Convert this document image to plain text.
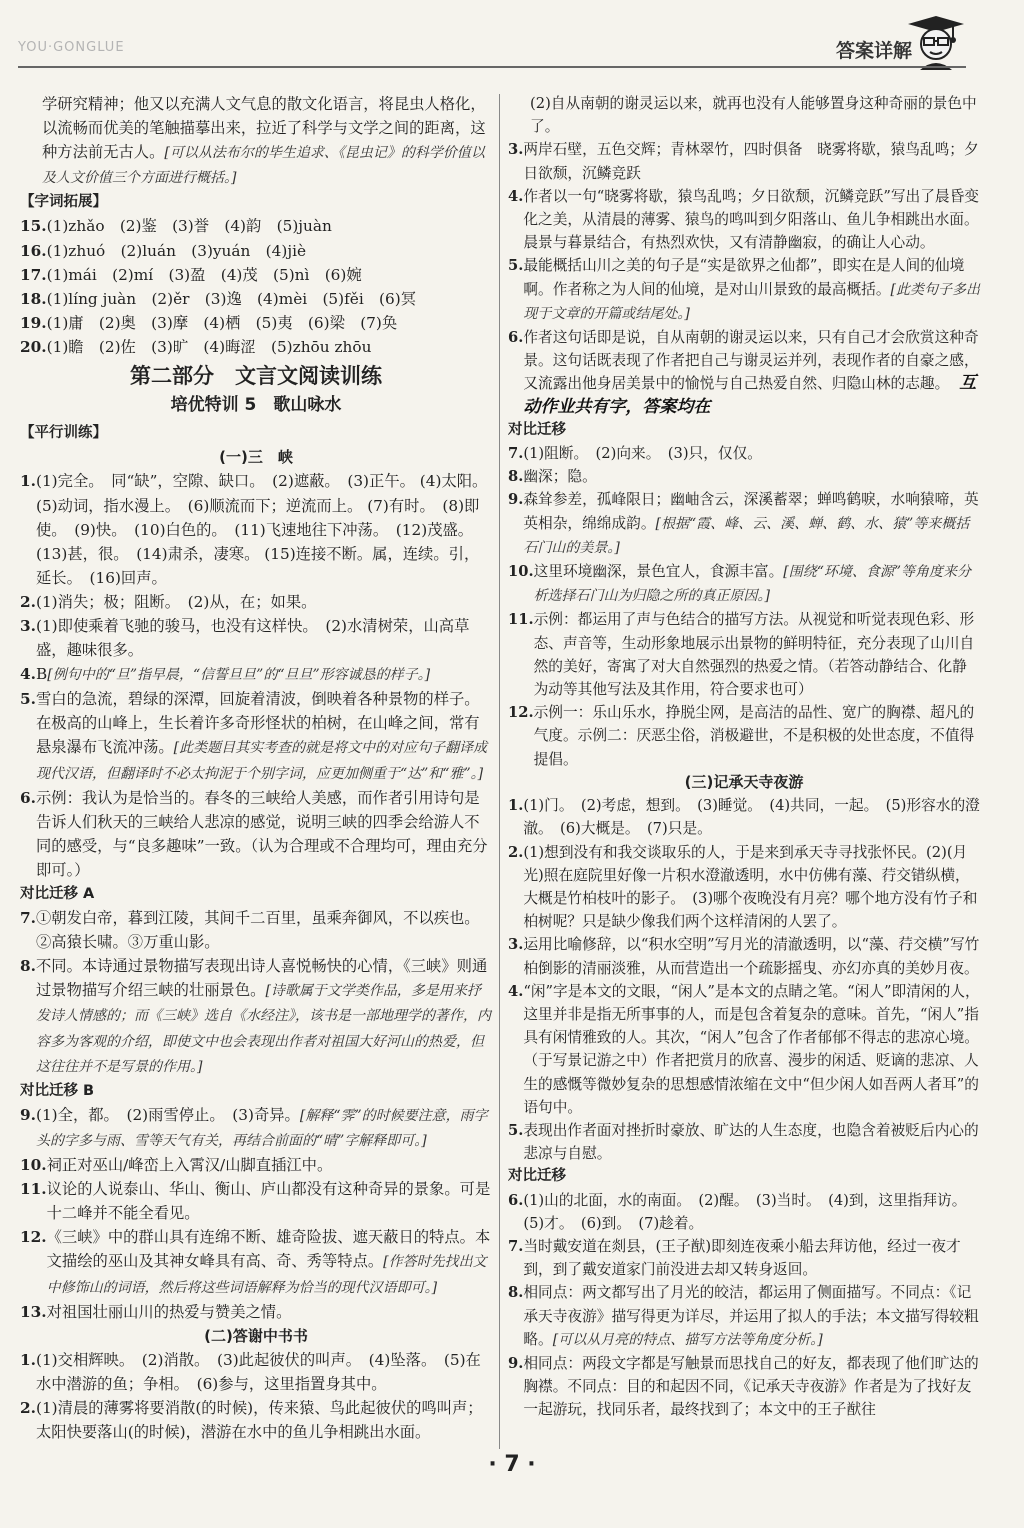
YOU·GONGLUE	答案详解

学研究精神；他又以充满人文气息的散文化语言，将昆虫人格化，以流畅而优美的笔触描摹出来，拉近了科学与文学之间的距离，这种方法前无古人。[可以从法布尔的毕生追求、《昆虫记》的科学价值以及人文价值三个方面进行概括。]

【字词拓展】
15. (1)zhǎo　(2)鉴　(3)誉　(4)韵　(5)juàn
16. (1)zhuó　(2)luán　(3)yuán　(4)jiè
17. (1)mái　(2)mí　(3)盈　(4)茂　(5)nì　(6)婉
18. (1)líng juàn　(2)ěr　(3)逸　(4)mèi　(5)fěi　(6)冥
19. (1)庸　(2)奥　(3)摩　(4)栖　(5)夷　(6)梁　(7)奂
20. (1)瞻　(2)佐　(3)旷　(4)晦涩　(5)zhōu zhōu
第二部分　文言文阅读训练
培优特训 5　歌山咏水
【平行训练】
(一)三　峡
1. (1)完全。　同“缺”，空隙、缺口。　(2)遮蔽。　(3)正午。 (4)太阳。　(5)动词，指水漫上。　(6)顺流而下；逆流而上。 (7)有时。　(8)即使。　(9)快。　(10)白色的。　(11)飞速地往下冲荡。　(12)茂盛。　(13)甚，很。　(14)肃杀，凄寒。 (15)连接不断。属，连续。引，延长。　(16)回声。
2. (1)消失；极；阻断。　(2)从，在；如果。
3. (1)即使乘着飞驰的骏马，也没有这样快。　(2)水清树荣，山高草盛，趣味很多。
4. B[例句中的“旦”指早晨，“信誓旦旦”的“旦旦”形容诚恳的样子。]
5. 雪白的急流，碧绿的深潭，回旋着清波，倒映着各种景物的样子。在极高的山峰上，生长着许多奇形怪状的柏树，在山峰之间，常有悬泉瀑布飞流冲荡。[此类题目其实考查的就是将文中的对应句子翻译成现代汉语，但翻译时不必太拘泥于个别字词，应更加侧重于“达”和“雅”。]
6. 示例：我认为是恰当的。春冬的三峡给人美感，而作者引用诗句是告诉人们秋天的三峡给人悲凉的感觉，说明三峡的四季会给游人不同的感受，与“良多趣味”一致。（认为合理或不合理均可，理由充分即可。）
对比迁移 A
7. ①朝发白帝，暮到江陵，其间千二百里，虽乘奔御风，不以疾也。②高猿长啸。③万重山影。
8. 不同。本诗通过景物描写表现出诗人喜悦畅快的心情，《三峡》则通过景物描写介绍三峡的壮丽景色。[诗歌属于文学类作品，多是用来抒发诗人情感的；而《三峡》选自《水经注》，该书是一部地理学的著作，内容多为客观的介绍，即使文中也会表现出作者对祖国大好河山的热爱，但这往往并不是写景的作用。]
对比迁移 B
9. (1)全，都。　(2)雨雪停止。　(3)奇异。[解释“霁”的时候要注意，雨字头的字多与雨、雪等天气有关，再结合前面的“晴”字解释即可。]
10. 祠正对巫山/峰峦上入霄汉/山脚直插江中。
11. 议论的人说泰山、华山、衡山、庐山都没有这种奇异的景象。可是十二峰并不能全看见。
12. 《三峡》中的群山具有连绵不断、雄奇险拔、遮天蔽日的特点。本文描绘的巫山及其神女峰具有高、奇、秀等特点。[作答时先找出文中修饰山的词语，然后将这些词语解释为恰当的现代汉语即可。]
13. 对祖国壮丽山川的热爱与赞美之情。
(二)答谢中书书
1. (1)交相辉映。　(2)消散。　(3)此起彼伏的叫声。　(4)坠落。　(5)在水中潜游的鱼；争相。　(6)参与，这里指置身其中。
2. (1)清晨的薄雾将要消散(的时候)，传来猿、鸟此起彼伏的鸣叫声；太阳快要落山(的时候)，潜游在水中的鱼儿争相跳出水面。

(2)自从南朝的谢灵运以来，就再也没有人能够置身这种奇丽的景色中了。

3. 两岸石壁，五色交辉；青林翠竹，四时俱备　晓雾将歇，猿鸟乱鸣；夕日欲颓，沉鳞竞跃
4. 作者以一句“晓雾将歇，猿鸟乱鸣；夕日欲颓，沉鳞竞跃”写出了晨昏变化之美，从清晨的薄雾、猿鸟的鸣叫到夕阳落山、鱼儿争相跳出水面。晨景与暮景结合，有热烈欢快，又有清静幽寂，的确让人心动。
5. 最能概括山川之美的句子是“实是欲界之仙都”，即实在是人间的仙境啊。作者称之为人间的仙境，是对山川景致的最高概括。[此类句子多出现于文章的开篇或结尾处。]
6. 作者这句话即是说，自从南朝的谢灵运以来，只有自己才会欣赏这种奇景。这句话既表现了作者把自己与谢灵运并列，表现作者的自豪之感，又流露出他身居美景中的愉悦与自己热爱自然、归隐山林的志趣。 互动作业共有字，答案均在
对比迁移
7. (1)阻断。　(2)向来。　(3)只，仅仅。
8. 幽深；隐。
9. 森耸参差，孤峰限日；幽岫含云，深溪蓄翠；蝉鸣鹤唳，水响猿啼，英英相杂，绵绵成韵。[根据“霞、峰、云、溪、蝉、鹤、水、猿”等来概括石门山的美景。]
10. 这里环境幽深，景色宜人，食源丰富。[围绕“环境、食源”等角度来分析选择石门山为归隐之所的真正原因。]
11. 示例：都运用了声与色结合的描写方法。从视觉和听觉表现色彩、形态、声音等，生动形象地展示出景物的鲜明特征，充分表现了山川自然的美好，寄寓了对大自然强烈的热爱之情。（若答动静结合、化静为动等其他写法及其作用，符合要求也可）
12. 示例一：乐山乐水，挣脱尘网，是高洁的品性、宽广的胸襟、超凡的气度。示例二：厌恶尘俗，消极避世，不是积极的处世态度，不值得提倡。
(三)记承天寺夜游
1. (1)门。　(2)考虑，想到。　(3)睡觉。　(4)共同，一起。　(5)形容水的澄澈。　(6)大概是。　(7)只是。
2. (1)想到没有和我交谈取乐的人，于是来到承天寺寻找张怀民。(2)(月光)照在庭院里好像一片积水澄澈透明，水中仿佛有藻、荇交错纵横，大概是竹柏枝叶的影子。　(3)哪个夜晚没有月亮？哪个地方没有竹子和柏树呢？只是缺少像我们两个这样清闲的人罢了。
3. 运用比喻修辞，以“积水空明”写月光的清澈透明，以“藻、荇交横”写竹柏倒影的清丽淡雅，从而营造出一个疏影摇曳、亦幻亦真的美妙月夜。
4. “闲”字是本文的文眼，“闲人”是本文的点睛之笔。“闲人”即清闲的人，这里并非是指无所事事的人，而是包含着复杂的意味。首先，“闲人”指具有闲情雅致的人。其次，“闲人”包含了作者郁郁不得志的悲凉心境。（于写景记游之中）作者把赏月的欣喜、漫步的闲适、贬谪的悲凉、人生的感慨等微妙复杂的思想感情浓缩在文中“但少闲人如吾两人者耳”的语句中。
5. 表现出作者面对挫折时豪放、旷达的人生态度，也隐含着被贬后内心的悲凉与自慰。
对比迁移
6. (1)山的北面，水的南面。　(2)醒。　(3)当时。　(4)到，这里指拜访。　(5)才。　(6)到。　(7)趁着。
7. 当时戴安道在剡县，(王子猷)即刻连夜乘小船去拜访他，经过一夜才到，到了戴安道家门前没进去却又转身返回。
8. 相同点：两文都写出了月光的皎洁，都运用了侧面描写。不同点：《记承天寺夜游》描写得更为详尽，并运用了拟人的手法；本文描写得较粗略。[可以从月亮的特点、描写方法等角度分析。]
9. 相同点：两段文字都是写触景而思找自己的好友，都表现了他们旷达的胸襟。不同点：目的和起因不同，《记承天寺夜游》作者是为了找好友一起游玩，找同乐者，最终找到了；本文中的王子猷往
· 7 ·
